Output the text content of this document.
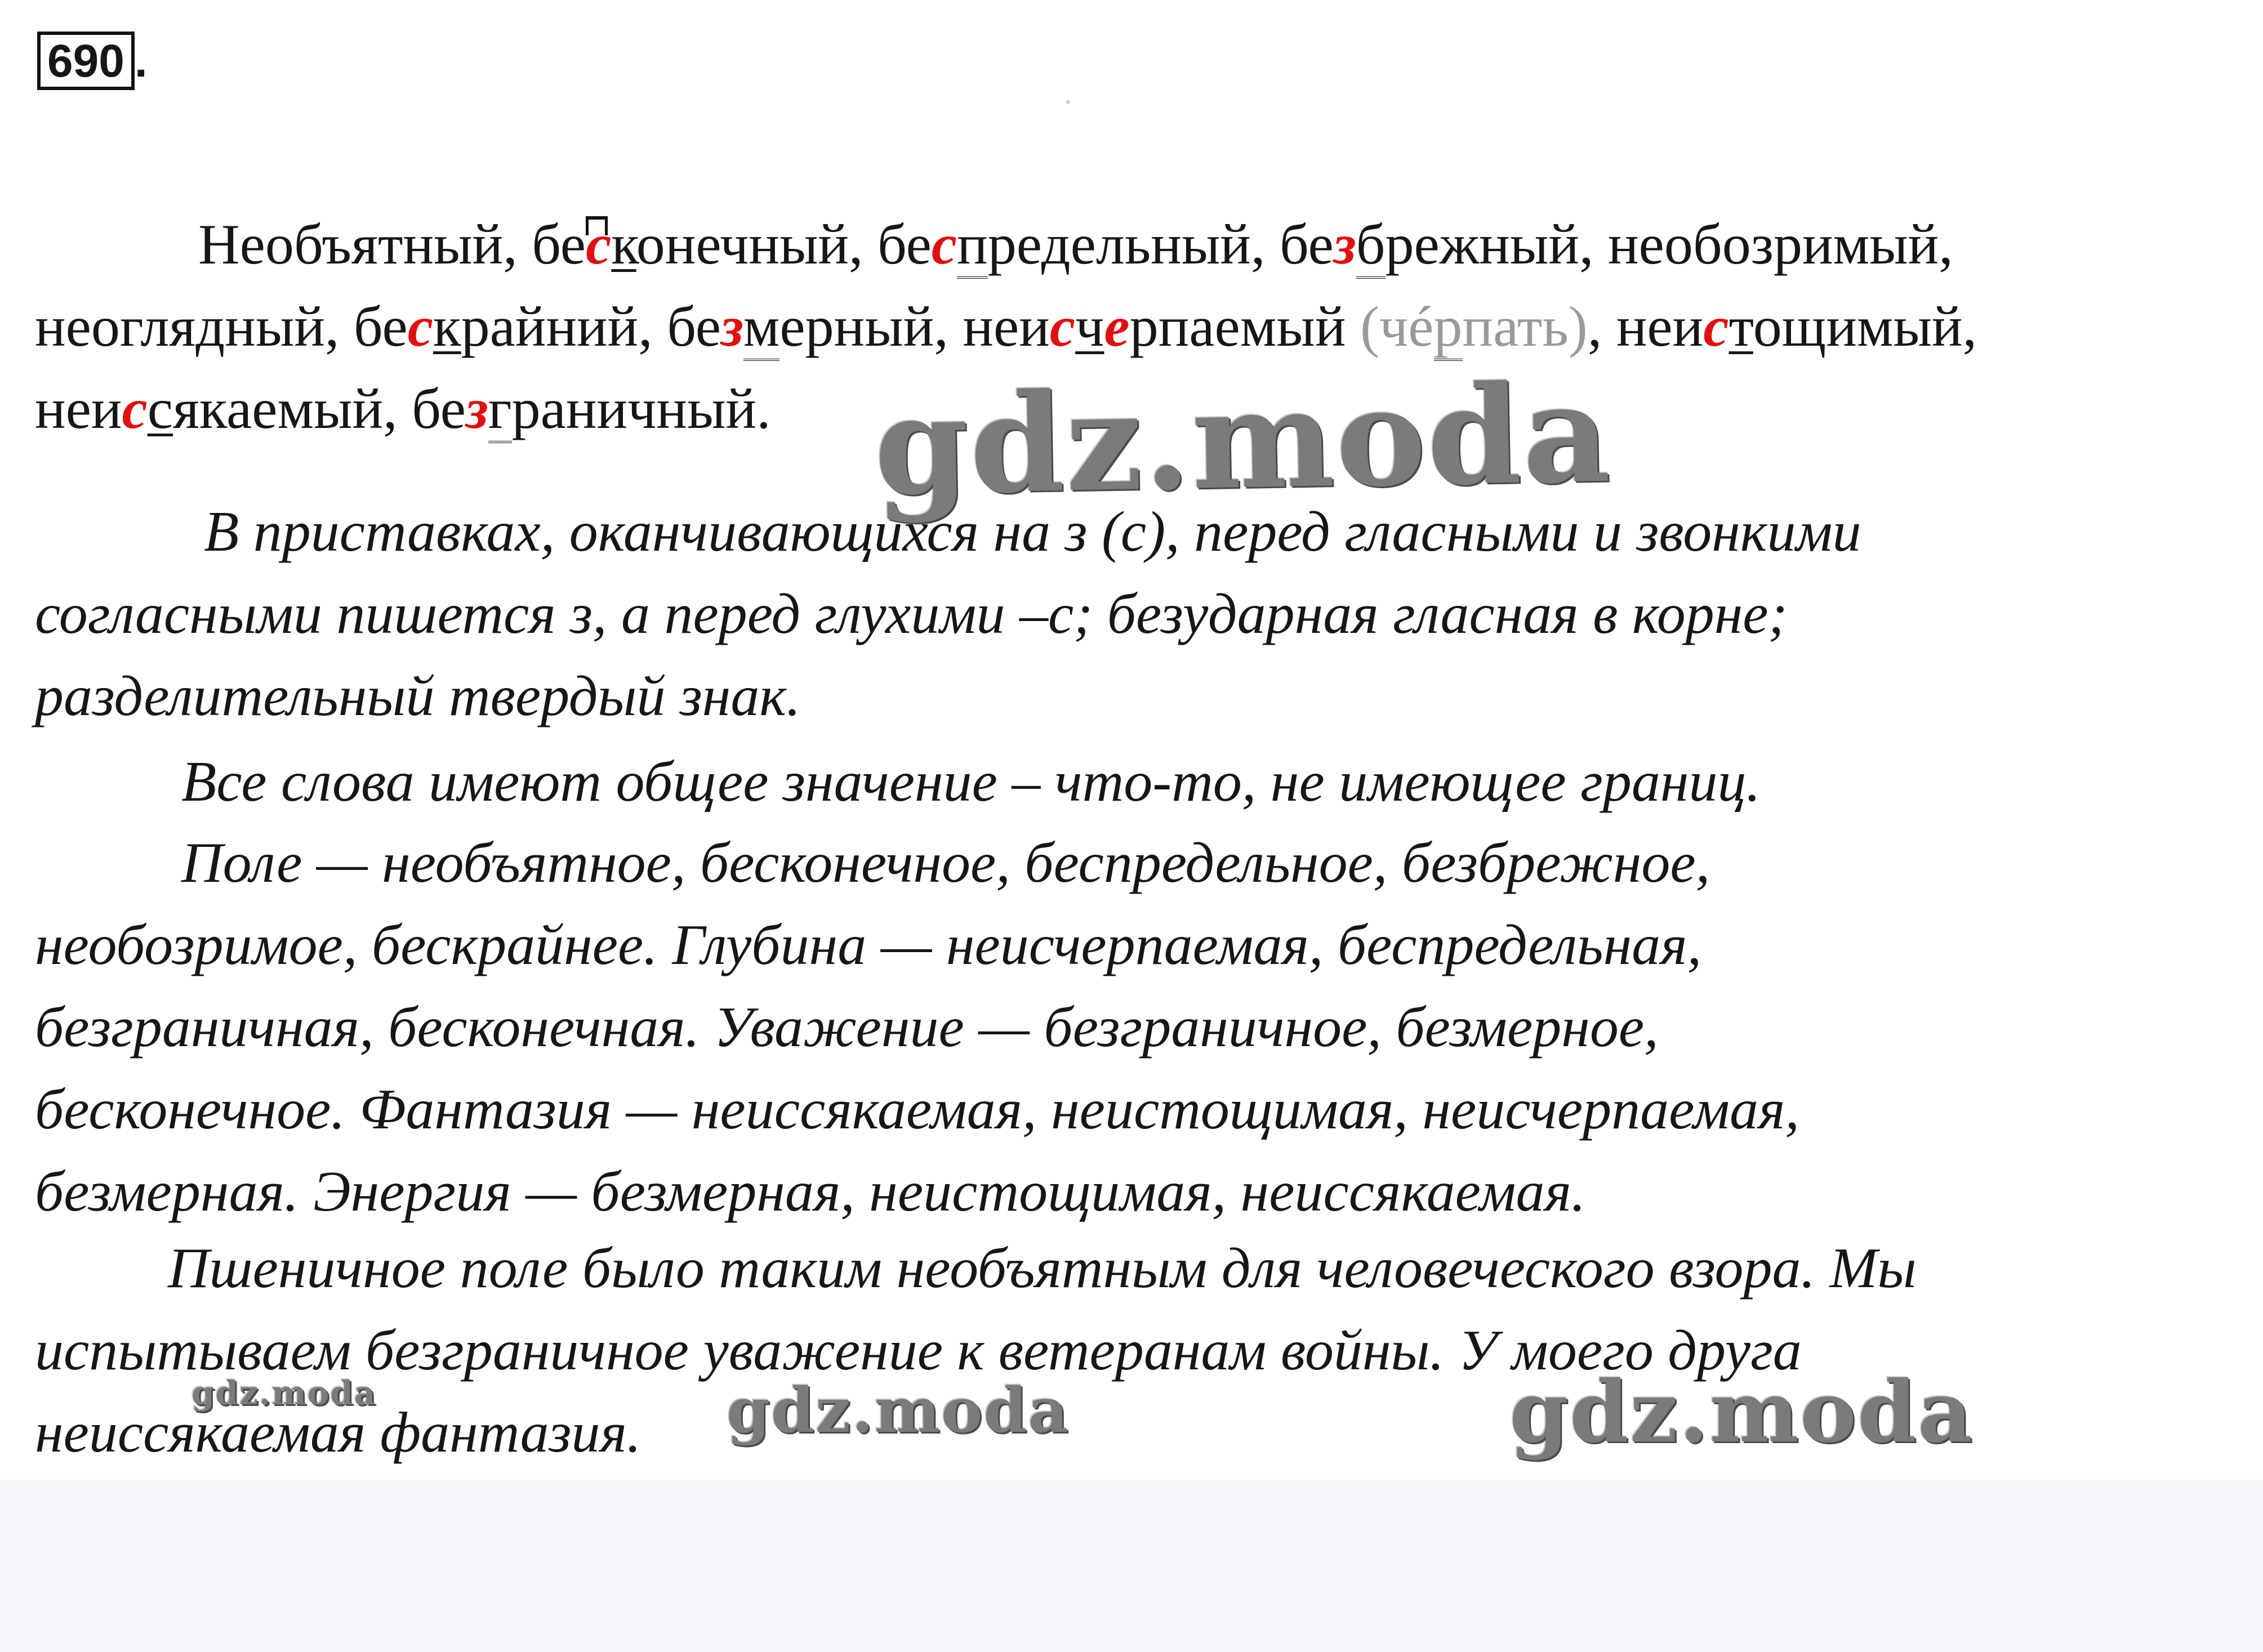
690 .
Необъятный, бесконечный, беспредельный, безбрежный, необозримый,
неоглядный, бескрайний, безмерный, неисчерпаемый (чéрпать), неистощимый,
неиссякаемый, безграничный.
В приставках, оканчивающихся на з (с), перед гласными и звонкими
согласными пишется з, а перед глухими –с; безударная гласная в корне;
разделительный твердый знак.
Все слова имеют общее значение – что-то, не имеющее границ.
Поле — необъятное, бесконечное, беспредельное, безбрежное,
необозримое, бескрайнее. Глубина — неисчерпаемая, беспредельная,
безграничная, бесконечная. Уважение — безграничное, безмерное,
бесконечное. Фантазия — неиссякаемая, неистощимая, неисчерпаемая,
безмерная. Энергия — безмерная, неистощимая, неиссякаемая.
Пшеничное поле было таким необъятным для человеческого взора. Мы
испытываем безграничное уважение к ветеранам войны. У моего друга
неиссякаемая фантазия.
gdz.moda
gdz.moda	gdz.moda
gdz.moda
